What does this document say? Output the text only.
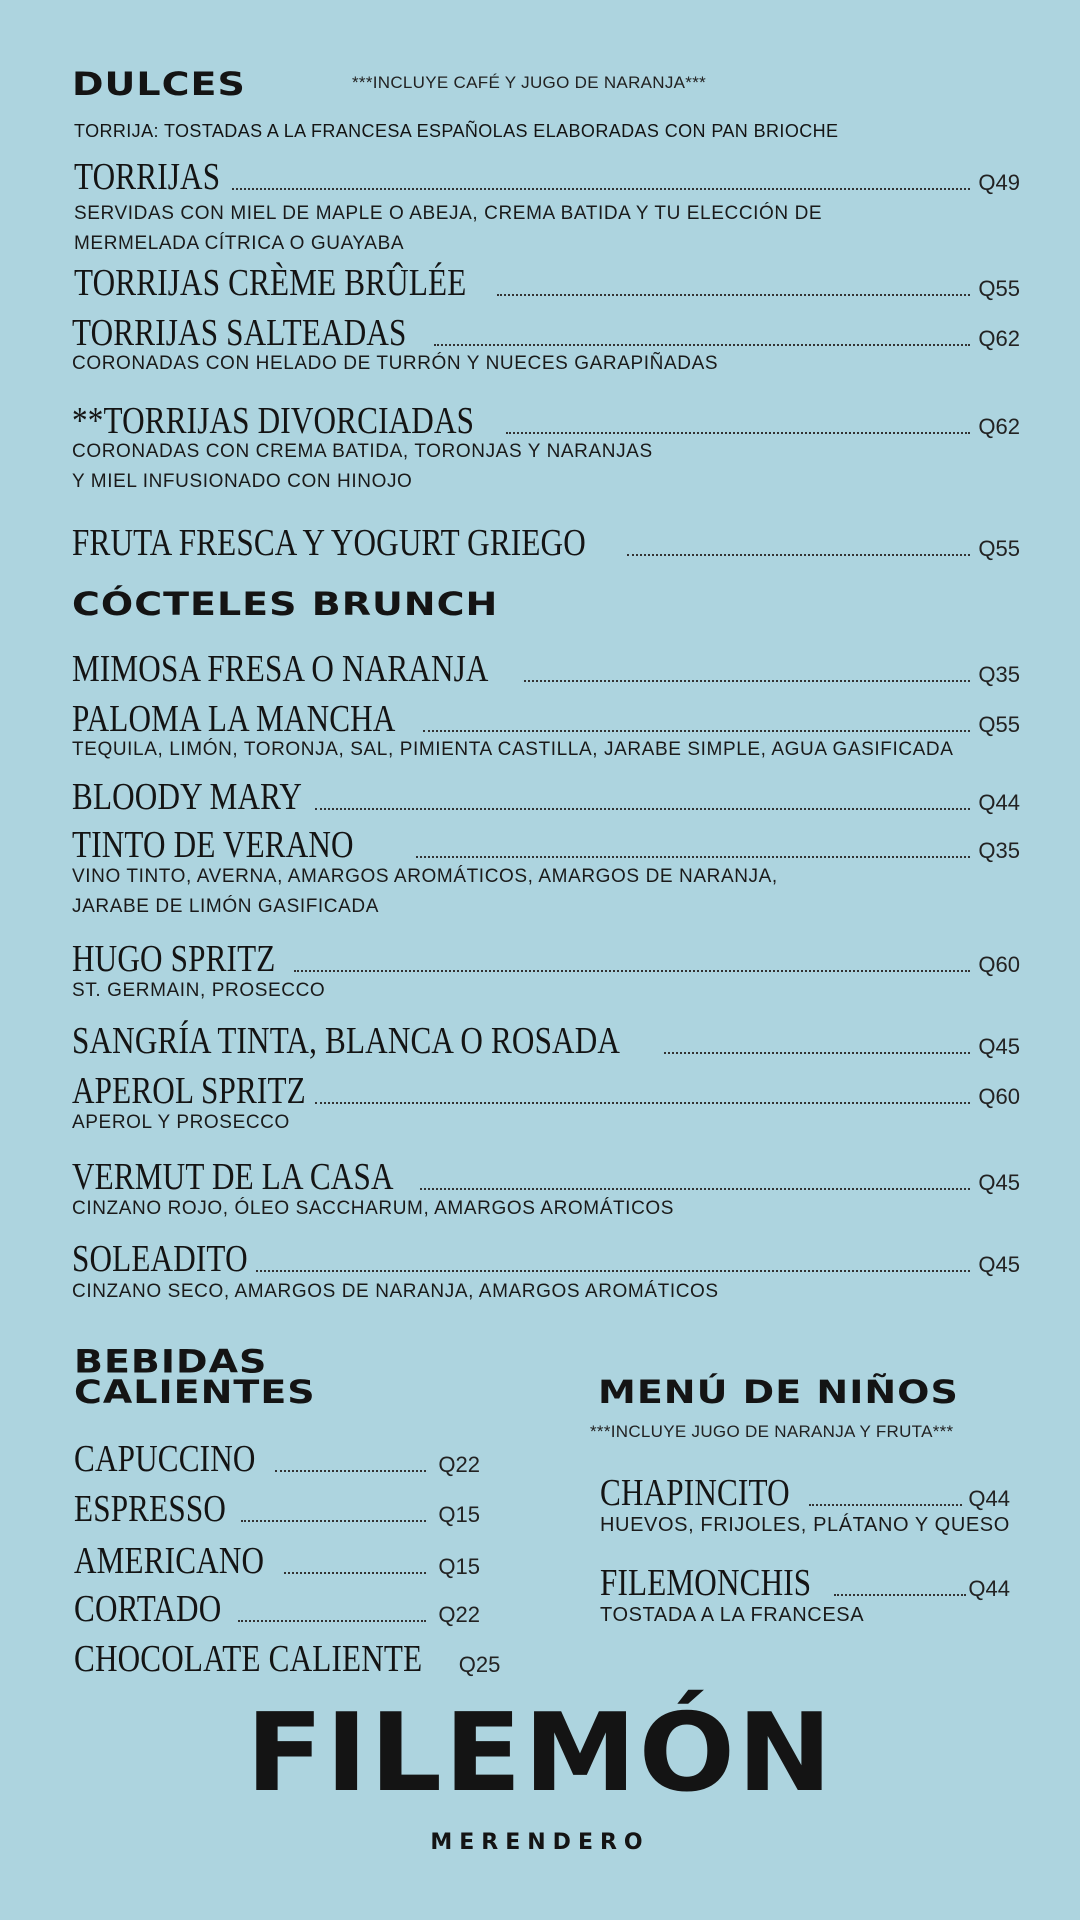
DULCES	***INCLUYE CAFÉ Y JUGO DE NARANJA***
TORRIJA: TOSTADAS A LA FRANCESA ESPAÑOLAS ELABORADAS CON PAN BRIOCHE
TORRIJAS	Q49
SERVIDAS CON MIEL DE MAPLE O ABEJA, CREMA BATIDA Y TU ELECCIÓN DE
MERMELADA CÍTRICA O GUAYABA
TORRIJAS CRÈME BRÛLÉE	Q55
TORRIJAS SALTEADAS	Q62
CORONADAS CON HELADO DE TURRÓN Y NUECES GARAPIÑADAS
**TORRIJAS DIVORCIADAS	Q62
CORONADAS CON CREMA BATIDA, TORONJAS Y NARANJAS
Y MIEL INFUSIONADO CON HINOJO
FRUTA FRESCA Y YOGURT GRIEGO	Q55
CÓCTELES BRUNCH
MIMOSA FRESA O NARANJA	Q35
PALOMA LA MANCHA	Q55
TEQUILA, LIMÓN, TORONJA, SAL, PIMIENTA CASTILLA, JARABE SIMPLE, AGUA GASIFICADA
BLOODY MARY	Q44
TINTO DE VERANO	Q35
VINO TINTO, AVERNA, AMARGOS AROMÁTICOS, AMARGOS DE NARANJA,
JARABE DE LIMÓN GASIFICADA
HUGO SPRITZ	Q60
ST. GERMAIN, PROSECCO
SANGRÍA TINTA, BLANCA O ROSADA	Q45
APEROL SPRITZ	Q60
APEROL Y PROSECCO
VERMUT DE LA CASA	Q45
CINZANO ROJO, ÓLEO SACCHARUM, AMARGOS AROMÁTICOS
SOLEADITO	Q45
CINZANO SECO, AMARGOS DE NARANJA, AMARGOS AROMÁTICOS
BEBIDAS
CALIENTES
CAPUCCINO	Q22
ESPRESSO	Q15
AMERICANO	Q15
CORTADO	Q22
CHOCOLATE CALIENTE Q25
MENÚ DE NIÑOS
***INCLUYE JUGO DE NARANJA Y FRUTA***
CHAPINCITO	Q44
HUEVOS, FRIJOLES, PLÁTANO Y QUESO
FILEMONCHIS	Q44
TOSTADA A LA FRANCESA
FILEMÓN
MERENDERO
